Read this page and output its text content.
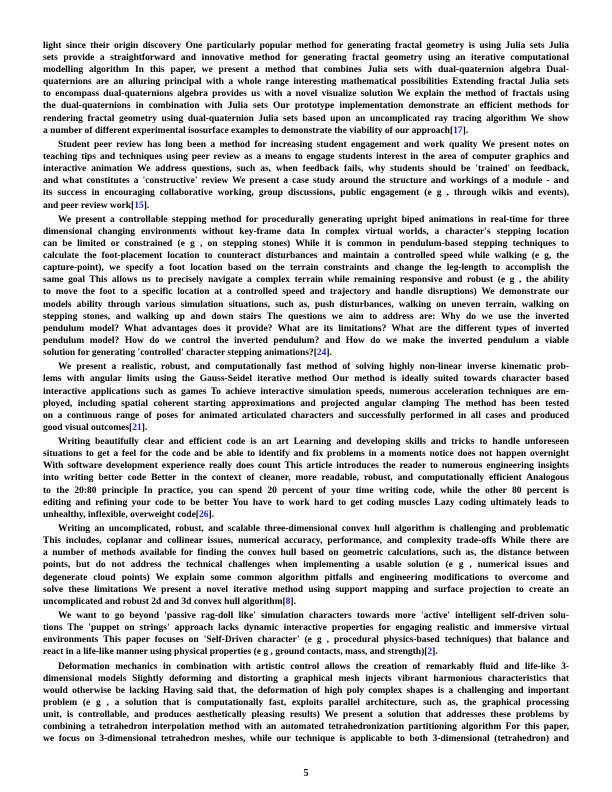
light since their origin discovery One particularly popular method for generating fractal geometry is using Julia sets Julia
sets provide a straightforward and innovative method for generating fractal geometry using an iterative computational
modelling algorithm In this paper, we present a method that combines Julia sets with dual-quaternion algebra Dual-
quaternions are an alluring principal with a whole range interesting mathematical possibilities Extending fractal Julia sets
to encompass dual-quaternions algebra provides us with a novel visualize solution We explain the method of fractals using
the dual-quaternions in combination with Julia sets Our prototype implementation demonstrate an efficient methods for
rendering fractal geometry using dual-quaternion Julia sets based upon an uncomplicated ray tracing algorithm We show
a number of different experimental isosurface examples to demonstrate the viability of our approach[17].
Student peer review has long been a method for increasing student engagement and work quality We present notes on
teaching tips and techniques using peer review as a means to engage students interest in the area of computer graphics and
interactive animation We address questions, such as, when feedback fails, why students should be 'trained' on feedback,
and what constitutes a 'constructive' review We present a case study around the structure and workings of a module - and
its success in encouraging collaborative working, group discussions, public engagement (e g , through wikis and events),
and peer review work[15].
We present a controllable stepping method for procedurally generating upright biped animations in real-time for three
dimensional changing environments without key-frame data In complex virtual worlds, a character's stepping location
can be limited or constrained (e g , on stepping stones) While it is common in pendulum-based stepping techniques to
calculate the foot-placement location to counteract disturbances and maintain a controlled speed while walking (e g, the
capture-point), we specify a foot location based on the terrain constraints and change the leg-length to accomplish the
same goal This allows us to precisely navigate a complex terrain while remaining responsive and robust (e g , the ability
to move the foot to a specific location at a controlled speed and trajectory and handle disruptions) We demonstrate our
models ability through various simulation situations, such as, push disturbances, walking on uneven terrain, walking on
stepping stones, and walking up and down stairs The questions we aim to address are: Why do we use the inverted
pendulum model? What advantages does it provide? What are its limitations? What are the different types of inverted
pendulum model? How do we control the inverted pendulum? and How do we make the inverted pendulum a viable
solution for generating 'controlled' character stepping animations?[24].
We present a realistic, robust, and computationally fast method of solving highly non-linear inverse kinematic prob-
lems with angular limits using the Gauss-Seidel iterative method Our method is ideally suited towards character based
interactive applications such as games To achieve interactive simulation speeds, numerous acceleration techniques are em-
ployed, including spatial coherent starting approximations and projected angular clamping The method has been tested
on a continuous range of poses for animated articulated characters and successfully performed in all cases and produced
good visual outcomes[21].
Writing beautifully clear and efficient code is an art Learning and developing skills and tricks to handle unforeseen
situations to get a feel for the code and be able to identify and fix problems in a moments notice does not happen overnight
With software development experience really does count This article introduces the reader to numerous engineering insights
into writing better code Better in the context of cleaner, more readable, robust, and computationally efficient Analogous
to the 20:80 principle In practice, you can spend 20 percent of your time writing code, while the other 80 percent is
editing and refining your code to be better You have to work hard to get coding muscles Lazy coding ultimately leads to
unhealthy, inflexible, overweight code[26].
Writing an uncomplicated, robust, and scalable three-dimensional convex hull algorithm is challenging and problematic
This includes, coplanar and collinear issues, numerical accuracy, performance, and complexity trade-offs While there are
a number of methods available for finding the convex hull based on geometric calculations, such as, the distance between
points, but do not address the technical challenges when implementing a usable solution (e g , numerical issues and
degenerate cloud points) We explain some common algorithm pitfalls and engineering modifications to overcome and
solve these limitations We present a novel iterative method using support mapping and surface projection to create an
uncomplicated and robust 2d and 3d convex hull algorithm[8].
We want to go beyond 'passive rag-doll like' simulation characters towards more 'active' intelligent self-driven solu-
tions The 'puppet on strings' approach lacks dynamic interactive properties for engaging realistic and immersive virtual
environments This paper focuses on 'Self-Driven character' (e g , procedural physics-based techniques) that balance and
react in a life-like manner using physical properties (e g , ground contacts, mass, and strength)[2].
Deformation mechanics in combination with artistic control allows the creation of remarkably fluid and life-like 3-
dimensional models Slightly deforming and distorting a graphical mesh injects vibrant harmonious characteristics that
would otherwise be lacking Having said that, the deformation of high poly complex shapes is a challenging and important
problem (e g , a solution that is computationally fast, exploits parallel architecture, such as, the graphical processing
unit, is controllable, and produces aesthetically pleasing results) We present a solution that addresses these problems by
combining a tetrahedron interpolation method with an automated tetrahedronization partitioning algorithm For this paper,
we focus on 3-dimensional tetrahedron meshes, while our technique is applicable to both 3-dimensional (tetrahedron) and
5
